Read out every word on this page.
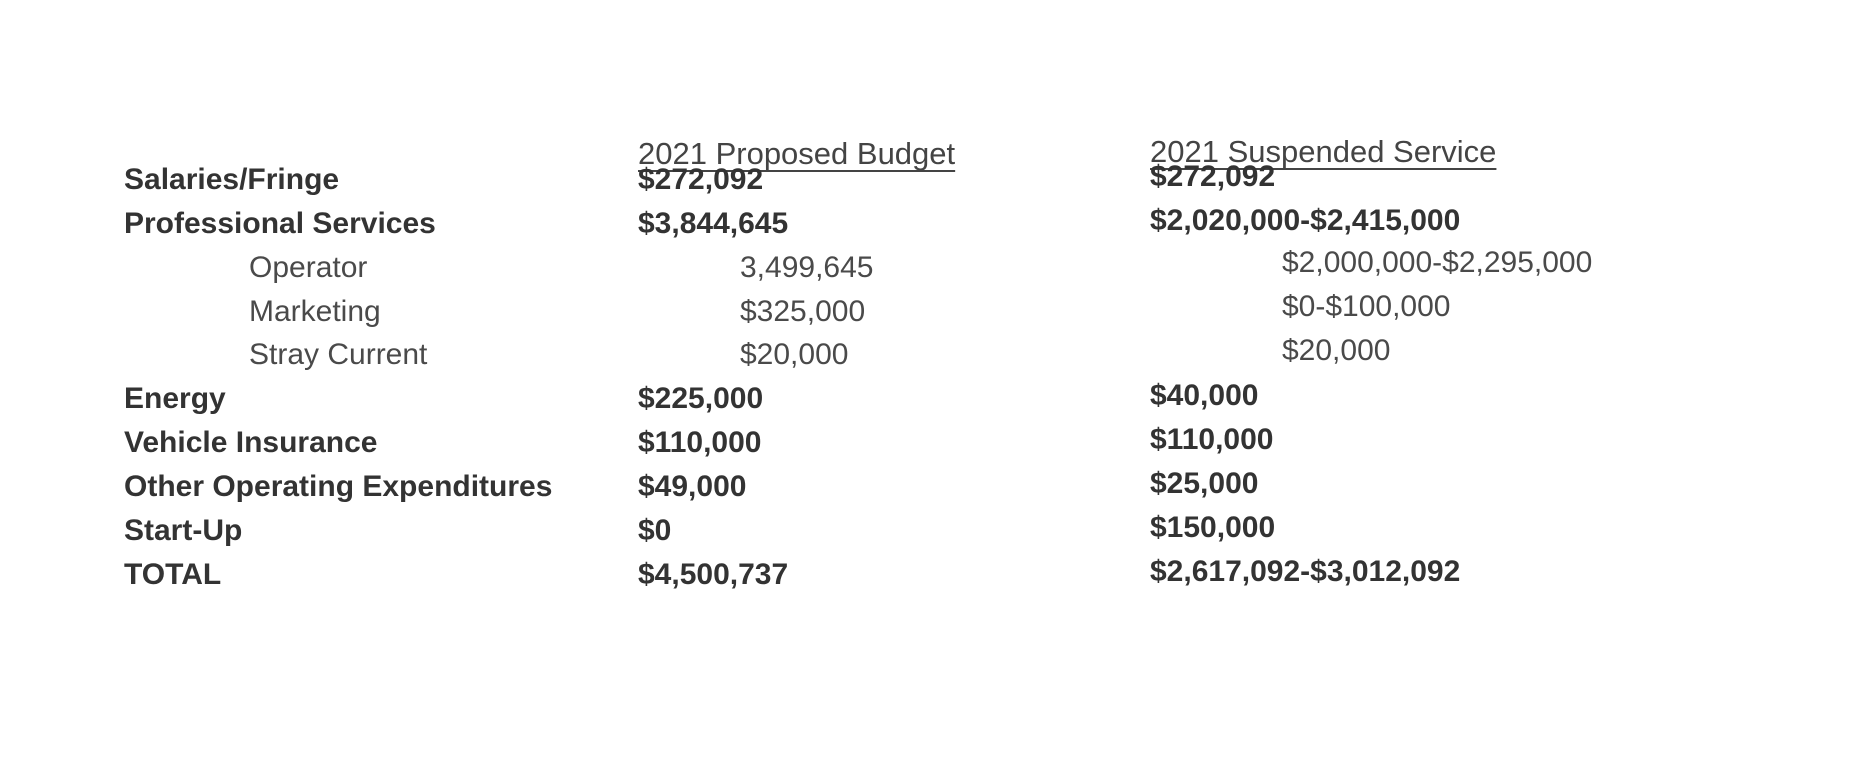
2021 Proposed Budget	2021 Suspended Service
Salaries/Fringe	$272,092	$272,092
Professional Services	$3,844,645	$2,020,000-$2,415,000
Operator	3,499,645	$2,000,000-$2,295,000
Marketing	$325,000	$0-$100,000
Stray Current	$20,000	$20,000
Energy	$225,000	$40,000
Vehicle Insurance	$110,000	$110,000
Other Operating Expenditures	$49,000	$25,000
Start-Up	$0	$150,000
TOTAL	$4,500,737	$2,617,092-$3,012,092
